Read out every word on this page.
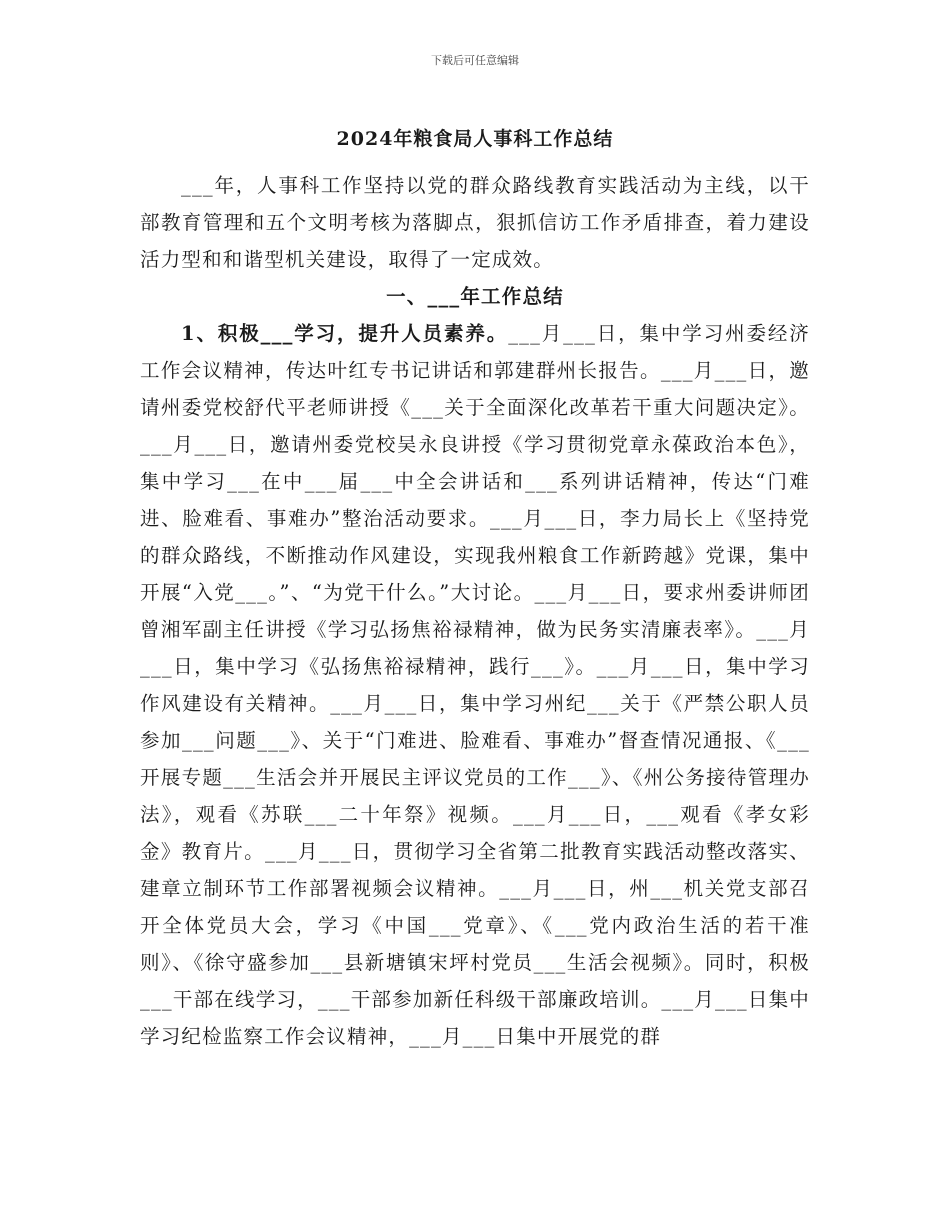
下载后可任意编辑
2024年粮食局人事科工作总结

___年，人事科工作坚持以党的群众路线教育实践活动为主线，以干部教育管理和五个文明考核为落脚点，狠抓信访工作矛盾排查，着力建设活力型和和谐型机关建设，取得了一定成效。

一、___年工作总结

1、积极___学习，提升人员素养。___月___日，集中学习州委经济工作会议精神，传达叶红专书记讲话和郭建群州长报告。___月___日，邀请州委党校舒代平老师讲授《___关于全面深化改革若干重大问题决定》。___月___日，邀请州委党校吴永良讲授《学习贯彻党章永葆政治本色》，集中学习___在中___届___中全会讲话和___系列讲话精神，传达“门难进、脸难看、事难办”整治活动要求。___月___日，李力局长上《坚持党的群众路线，不断推动作风建设，实现我州粮食工作新跨越》党课，集中开展“入党___。”、“为党干什么。”大讨论。___月___日，要求州委讲师团曾湘军副主任讲授《学习弘扬焦裕禄精神，做为民务实清廉表率》。___月___日，集中学习《弘扬焦裕禄精神，践行___》。___月___日，集中学习作风建设有关精神。___月___日，集中学习州纪___关于《严禁公职人员参加___问题___》、关于“门难进、脸难看、事难办”督查情况通报、《___开展专题___生活会并开展民主评议党员的工作___》、《州公务接待管理办法》，观看《苏联___二十年祭》视频。___月___日，___观看《孝女彩金》教育片。___月___日，贯彻学习全省第二批教育实践活动整改落实、建章立制环节工作部署视频会议精神。___月___日，州___机关党支部召开全体党员大会，学习《中国___党章》、《___党内政治生活的若干准则》、《徐守盛参加___县新塘镇宋坪村党员___生活会视频》。同时，积极___干部在线学习，___干部参加新任科级干部廉政培训。___月___日集中学习纪检监察工作会议精神，___月___日集中开展党的群
